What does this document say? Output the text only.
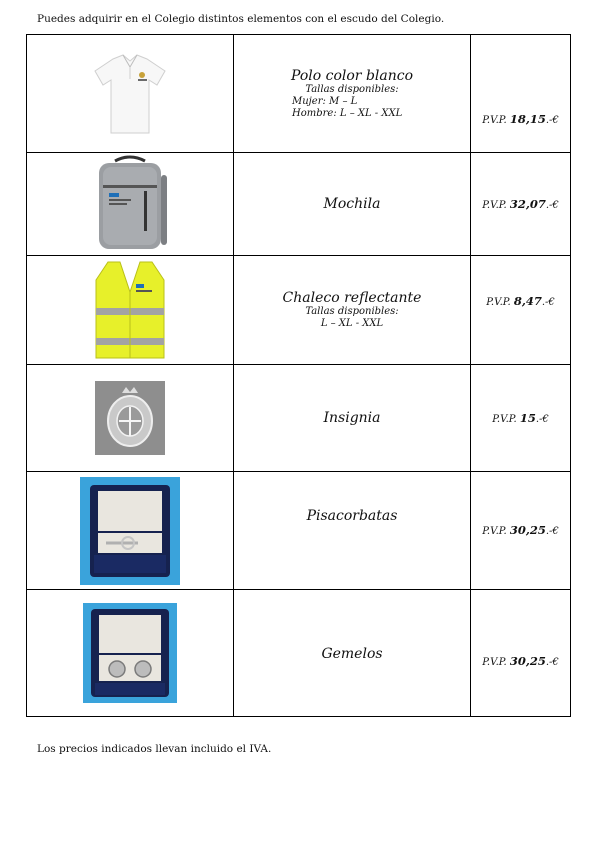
Puedes adquirir en el Colegio distintos elementos con el escudo del Colegio.

Polo color blanco
Tallas disponibles:
Mujer: M – L
Hombre: L – XL - XXL	P.V.P. 18,15.-€

Mochila	P.V.P. 32,07.-€

Chaleco reflectante
Tallas disponibles:
L – XL - XXL	P.V.P. 8,47.-€

Insignia	P.V.P. 15.-€

Pisacorbatas	P.V.P. 30,25.-€

Gemelos	P.V.P. 30,25.-€
Los precios indicados llevan incluido el IVA.
